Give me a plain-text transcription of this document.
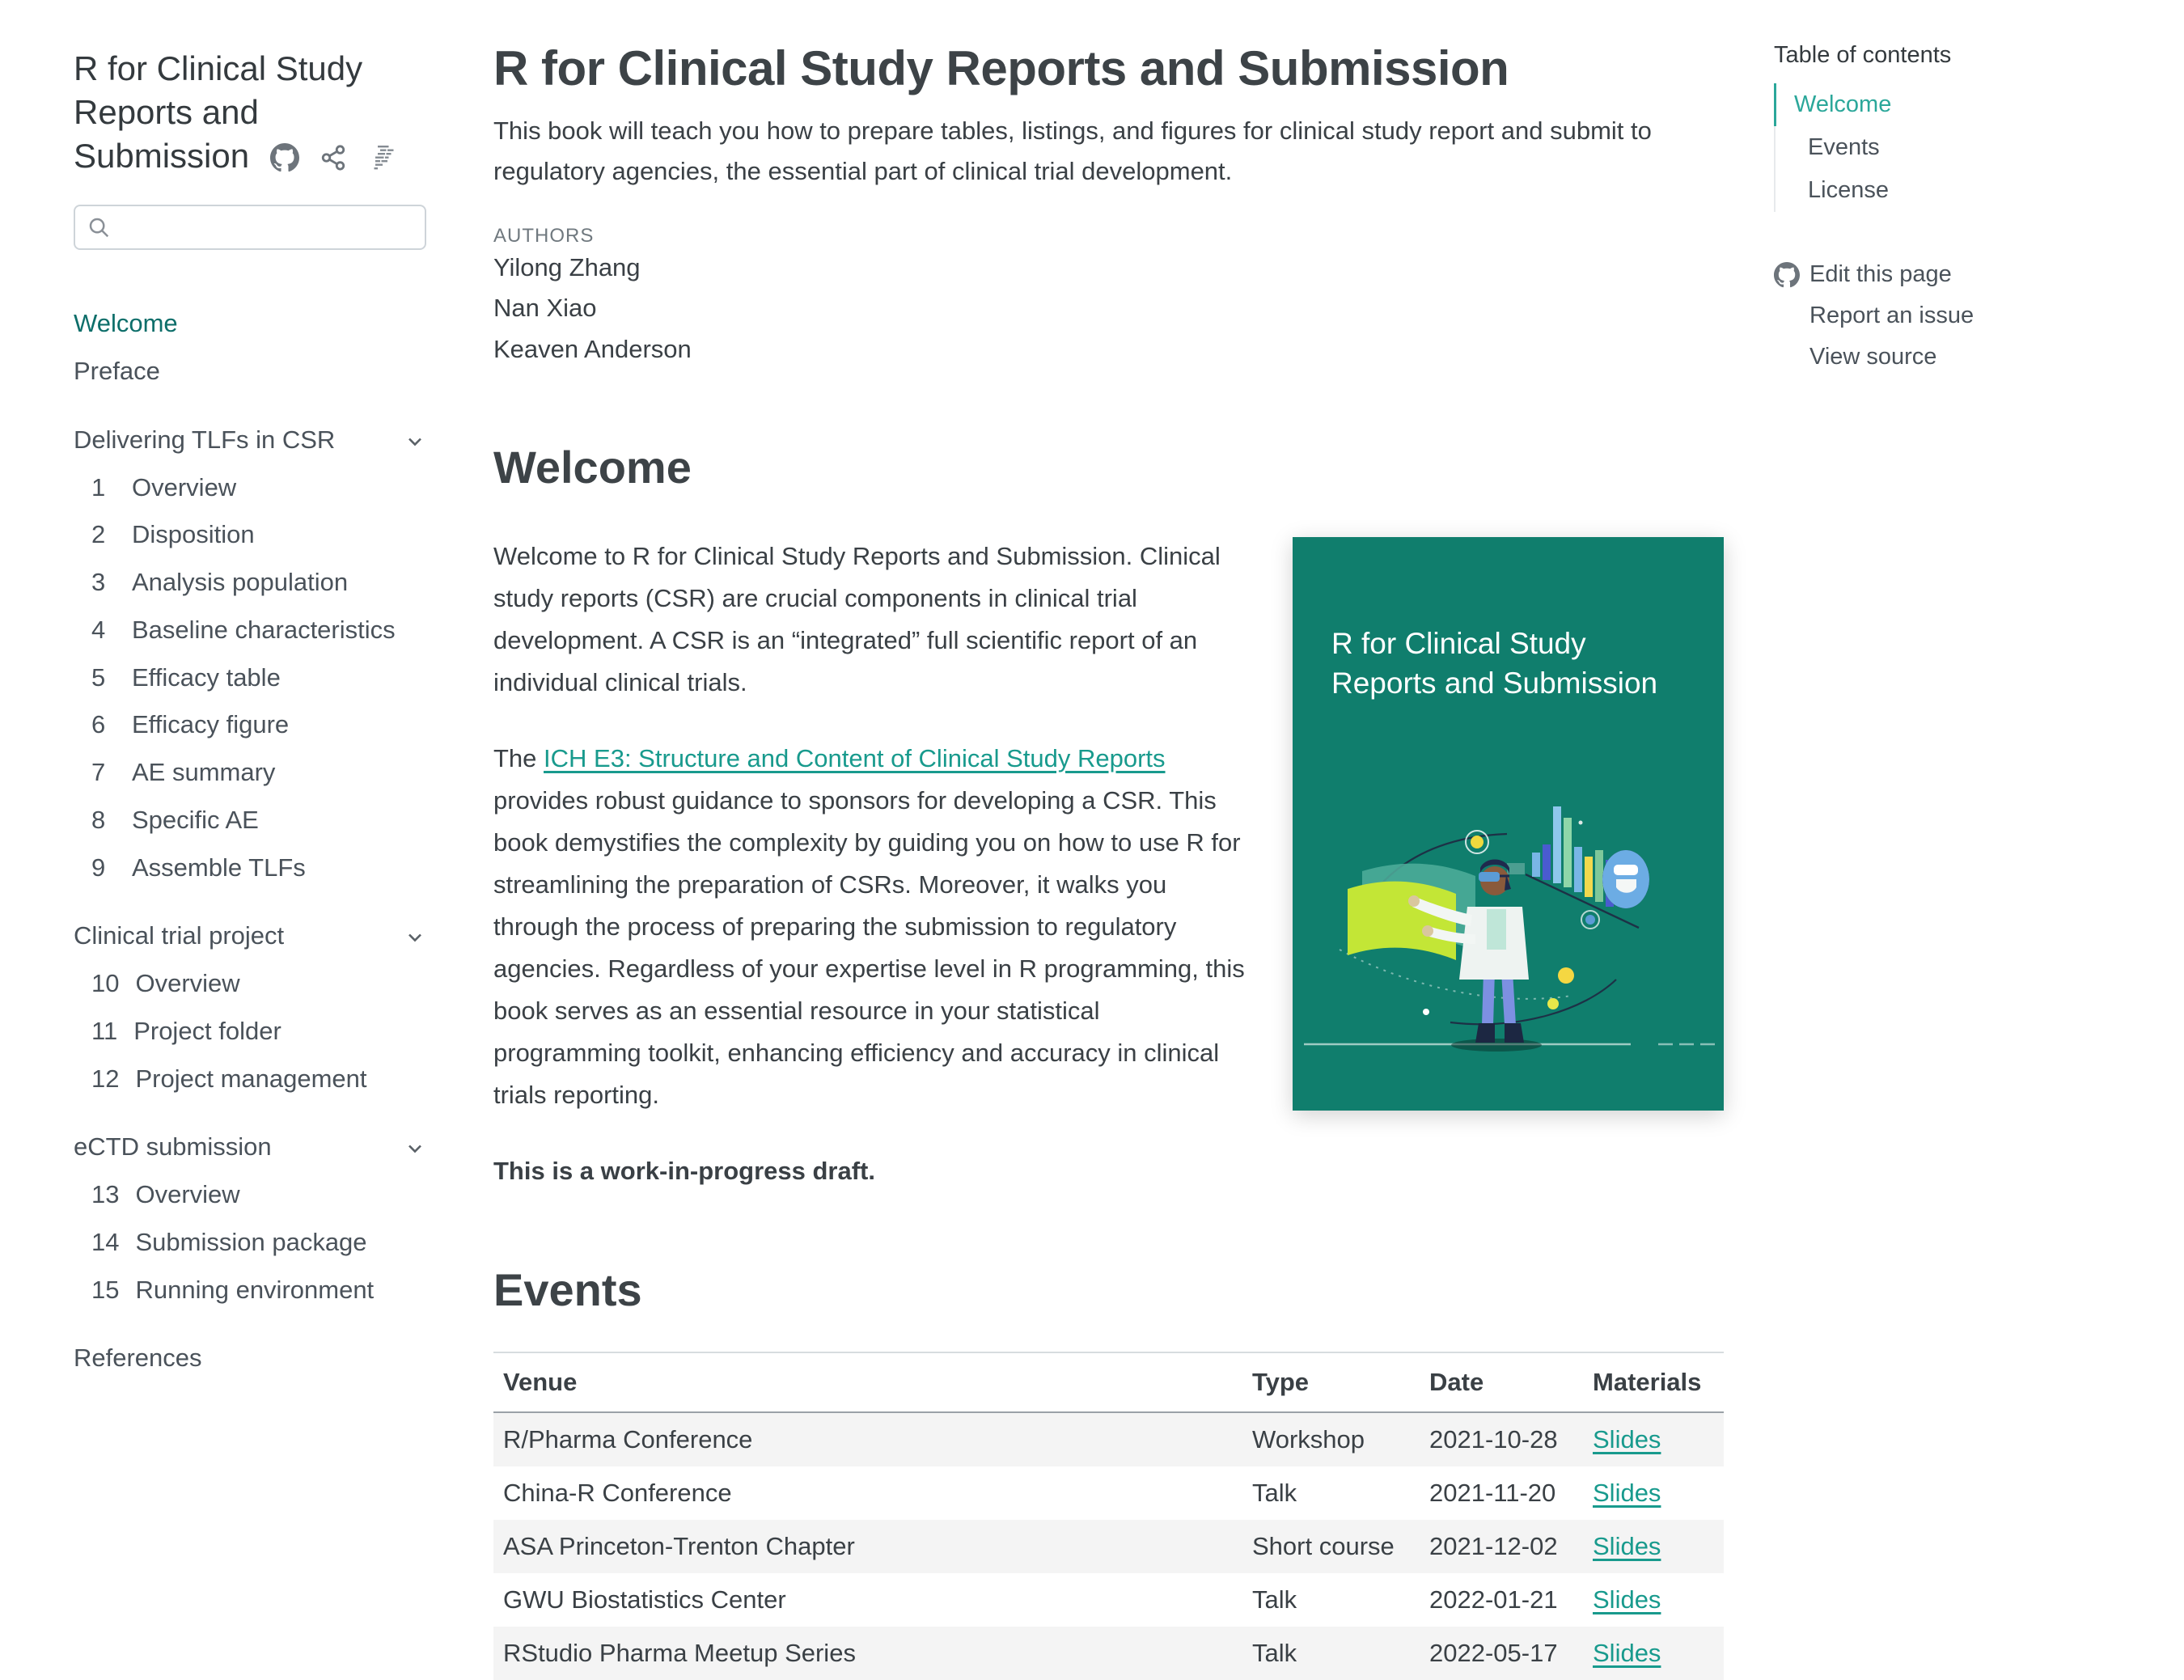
R for Clinical Study Reports and Submission
Welcome
Preface
Delivering TLFs in CSR
1	Overview
2	Disposition
3	Analysis population
4	Baseline characteristics
5	Efficacy table
6	Efficacy figure
7	AE summary
8	Specific AE
9	Assemble TLFs
Clinical trial project
10 Overview
11 Project folder
12 Project management
eCTD submission
13 Overview
14 Submission package
15 Running environment
References
R for Clinical Study Reports and Submission
This book will teach you how to prepare tables, listings, and figures for clinical study report and submit to regulatory agencies, the essential part of clinical trial development.
AUTHORS
Yilong Zhang
Nan Xiao
Keaven Anderson
Welcome

Welcome to R for Clinical Study Reports and Submission. Clinical study reports (CSR) are crucial components in clinical trial development. A CSR is an “integrated” full scientific report of an individual clinical trials.

The ICH E3: Structure and Content of Clinical Study Reports provides robust guidance to sponsors for developing a CSR. This book demystifies the complexity by guiding you on how to use R for streamlining the preparation of CSRs. Moreover, it walks you through the process of preparing the submission to regulatory agencies. Regardless of your expertise level in R programming, this book serves as an essential resource in your statistical programming toolkit, enhancing efficiency and accuracy in clinical trials reporting.

This is a work-in-progress draft.

R for Clinical Study Reports and Submission
Events
Venue	Type	Date	Materials
R/Pharma Conference	Workshop	2021-10-28	Slides
China-R Conference	Talk	2021-11-20	Slides
ASA Princeton-Trenton Chapter	Short course	2021-12-02	Slides
GWU Biostatistics Center	Talk	2022-01-21	Slides
RStudio Pharma Meetup Series	Talk	2022-05-17	Slides
Table of contents
Welcome
Events
License
Edit this page
Report an issue
View source
